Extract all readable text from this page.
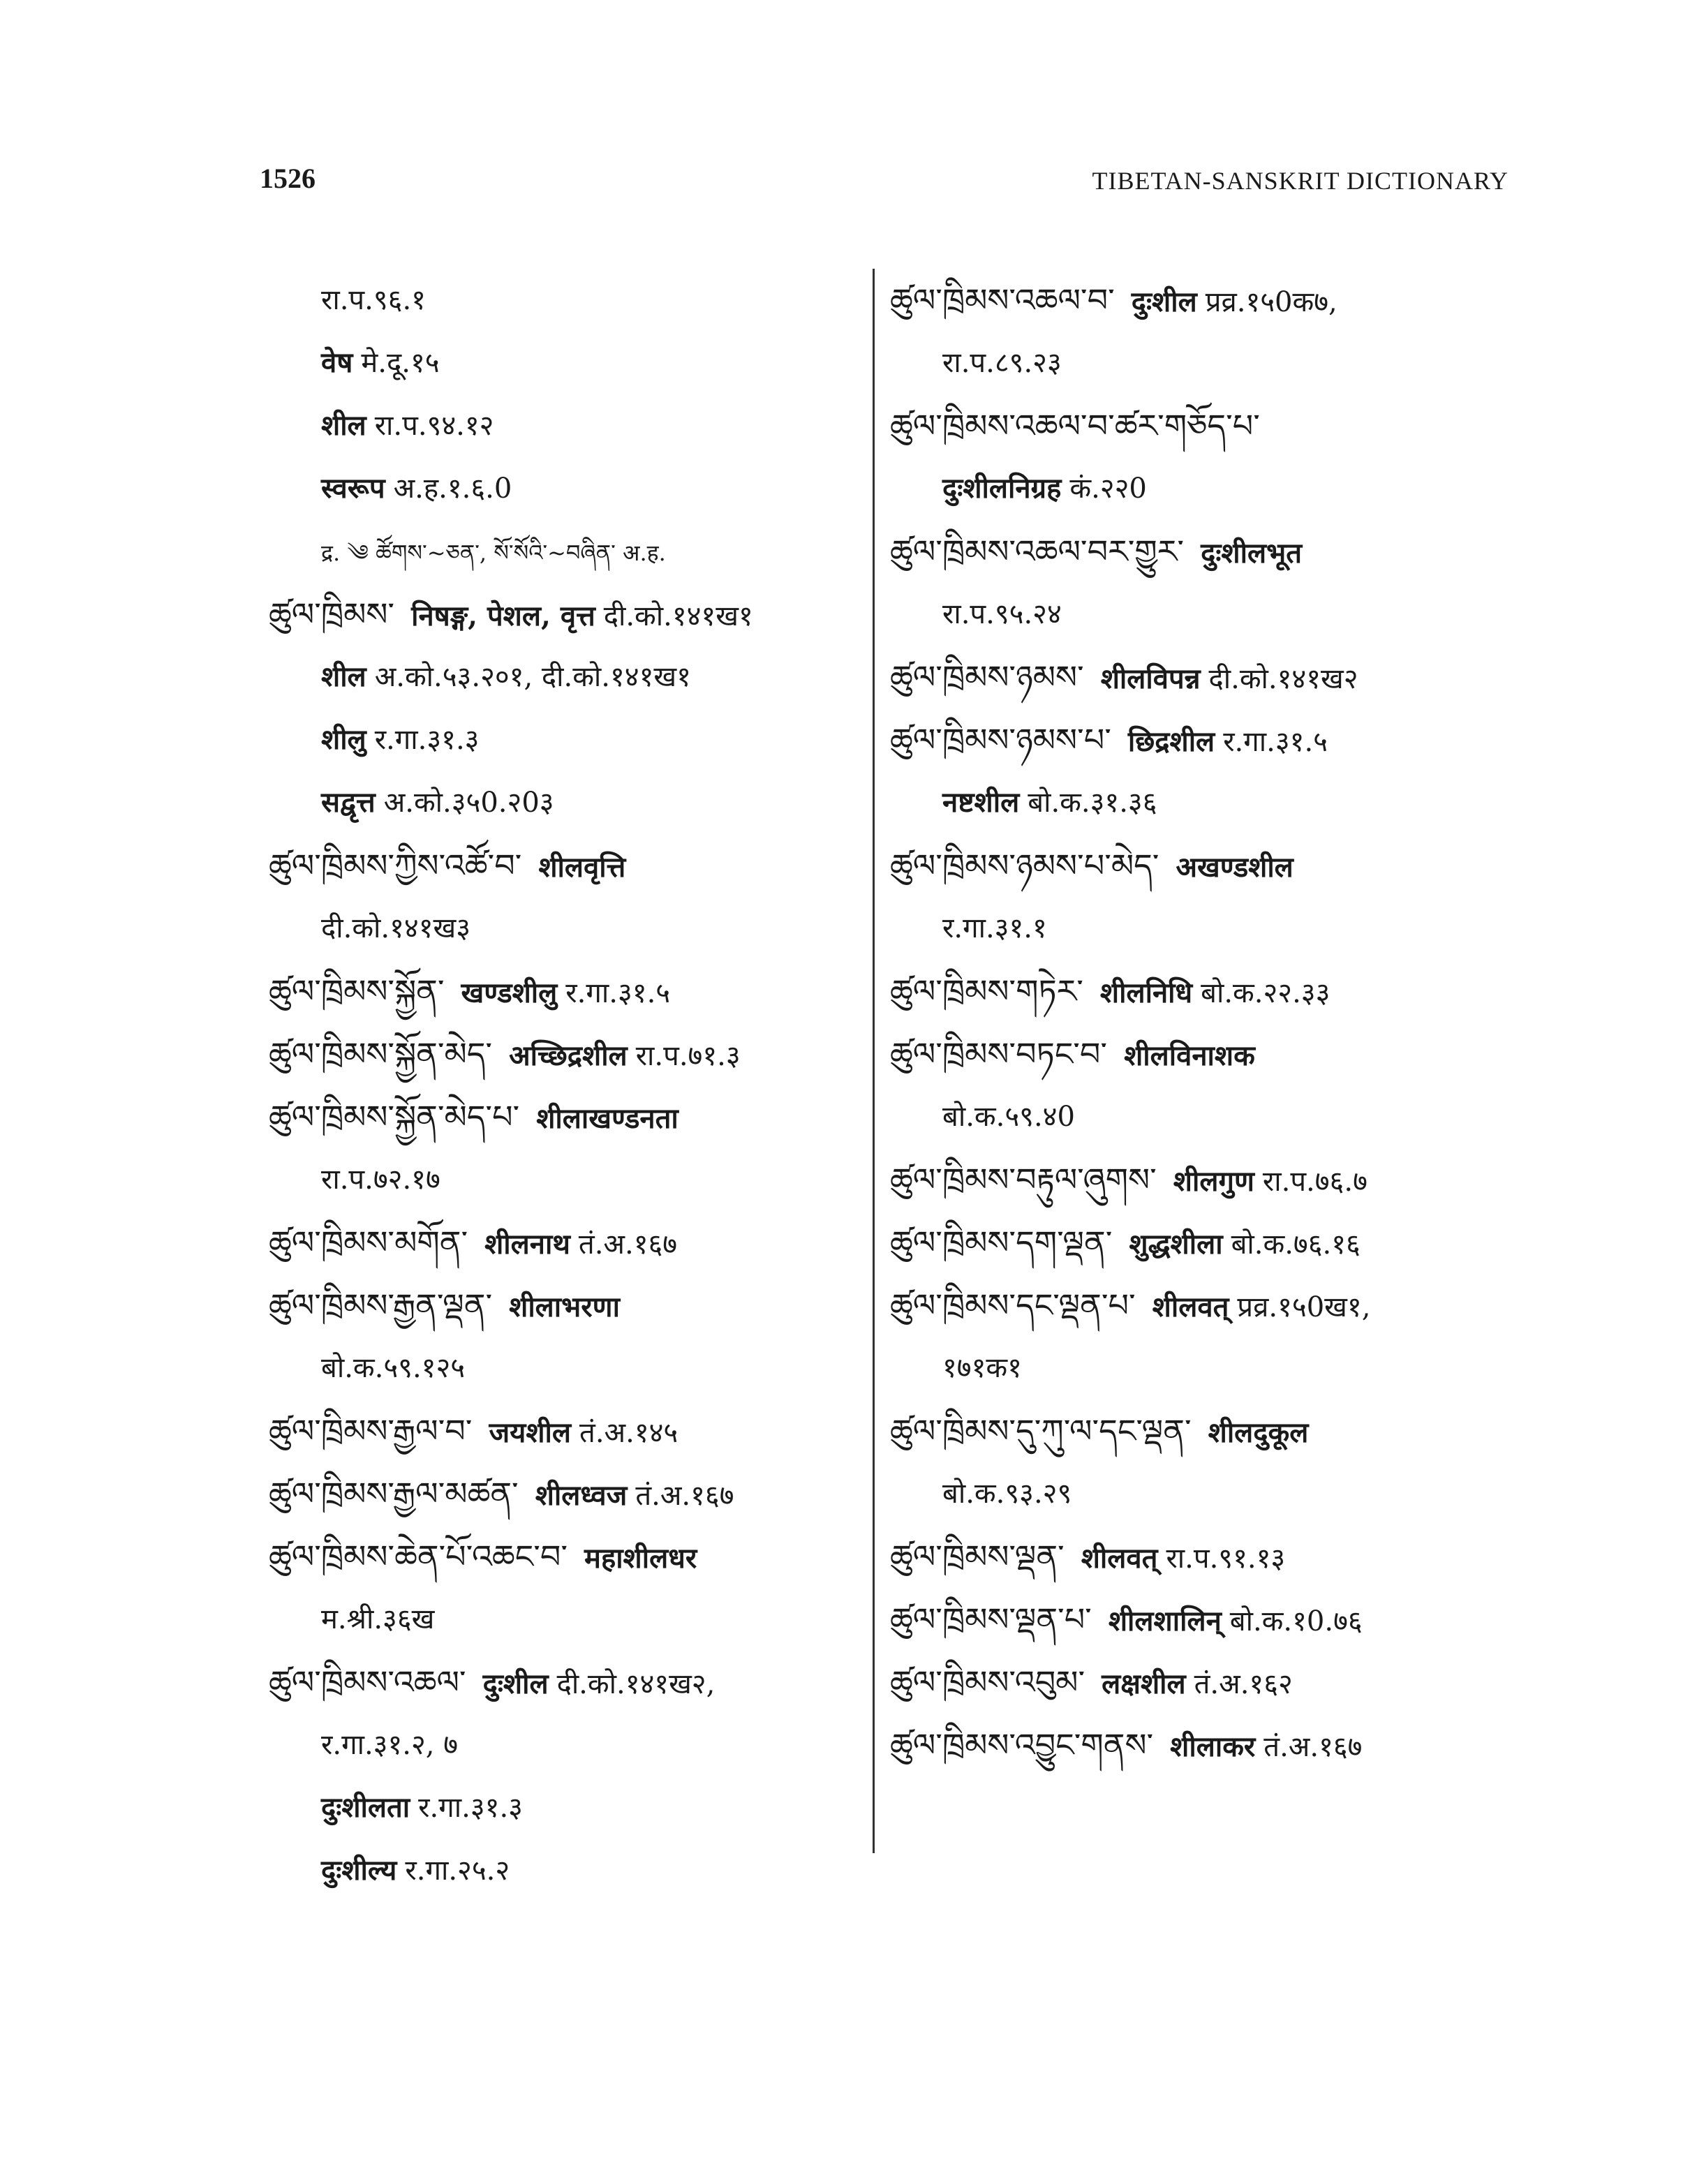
1526	TIBETAN-SANSKRIT DICTIONARY
रा.प.९६.१
वेष मे.दू.१५
शील रा.प.९४.१२
स्वरूप अ.ह.१.६.0
द्र. ༄ ཚོགས་~ཅན་, སོ་སོའི་~བཞིན་ अ.ह.
ཚུལ་ཁྲིམས་ निषङ्ग, पेशल, वृत्त दी.को.१४१ख१
शील अ.को.५३.२०१, दी.को.१४१ख१
शीलु र.गा.३१.३
सद्वृत्त अ.को.३५0.२0३
ཚུལ་ཁྲིམས་ཀྱིས་འཚོ་བ་ शीलवृत्ति
दी.को.१४१ख३
ཚུལ་ཁྲིམས་སྐྱོན་ खण्डशीलु र.गा.३१.५
ཚུལ་ཁྲིམས་སྐྱོན་མེད་ अच्छिद्रशील रा.प.७१.३
ཚུལ་ཁྲིམས་སྐྱོན་མེད་པ་ शीलाखण्डनता
रा.प.७२.१७
ཚུལ་ཁྲིམས་མགོན་ शीलनाथ तं.अ.१६७
ཚུལ་ཁྲིམས་རྒྱན་ལྡན་ शीलाभरणा
बो.क.५९.१२५
ཚུལ་ཁྲིམས་རྒྱལ་བ་ जयशील तं.अ.१४५
ཚུལ་ཁྲིམས་རྒྱལ་མཚན་ शीलध्वज तं.अ.१६७
ཚུལ་ཁྲིམས་ཆེན་པོ་འཆང་བ་ महाशीलधर
म.श्री.३६ख
ཚུལ་ཁྲིམས་འཆལ་ दुःशील दी.को.१४१ख२,
र.गा.३१.२, ७
दुःशीलता र.गा.३१.३
दुःशील्य र.गा.२५.२
ཚུལ་ཁྲིམས་འཆལ་བ་ दुःशील प्रव्र.१५0क७,
रा.प.८९.२३
ཚུལ་ཁྲིམས་འཆལ་བ་ཚར་གཅོད་པ་
दुःशीलनिग्रह कं.२२0
ཚུལ་ཁྲིམས་འཆལ་བར་གྱུར་ दुःशीलभूत
रा.प.९५.२४
ཚུལ་ཁྲིམས་ཉམས་ शीलविपन्न दी.को.१४१ख२
ཚུལ་ཁྲིམས་ཉམས་པ་ छिद्रशील र.गा.३१.५
नष्टशील बो.क.३१.३६
ཚུལ་ཁྲིམས་ཉམས་པ་མེད་ अखण्डशील
र.गा.३१.१
ཚུལ་ཁྲིམས་གཏེར་ शीलनिधि बो.क.२२.३३
ཚུལ་ཁྲིམས་བཏང་བ་ शीलविनाशक
बो.क.५९.४0
ཚུལ་ཁྲིམས་བརྟུལ་ཞུགས་ शीलगुण रा.प.७६.७
ཚུལ་ཁྲིམས་དག་ལྡན་ शुद्धशीला बो.क.७६.१६
ཚུལ་ཁྲིམས་དང་ལྡན་པ་ शीलवत् प्रव्र.१५0ख१,
१७१क१
ཚུལ་ཁྲིམས་དུ་ཀུ་ལ་དང་ལྡན་ शीलदुकूल
बो.क.९३.२९
ཚུལ་ཁྲིམས་ལྡན་ शीलवत् रा.प.९१.१३
ཚུལ་ཁྲིམས་ལྡན་པ་ शीलशालिन् बो.क.१0.७६
ཚུལ་ཁྲིམས་འབུམ་ लक्षशील तं.अ.१६२
ཚུལ་ཁྲིམས་འབྱུང་གནས་ शीलाकर तं.अ.१६७
